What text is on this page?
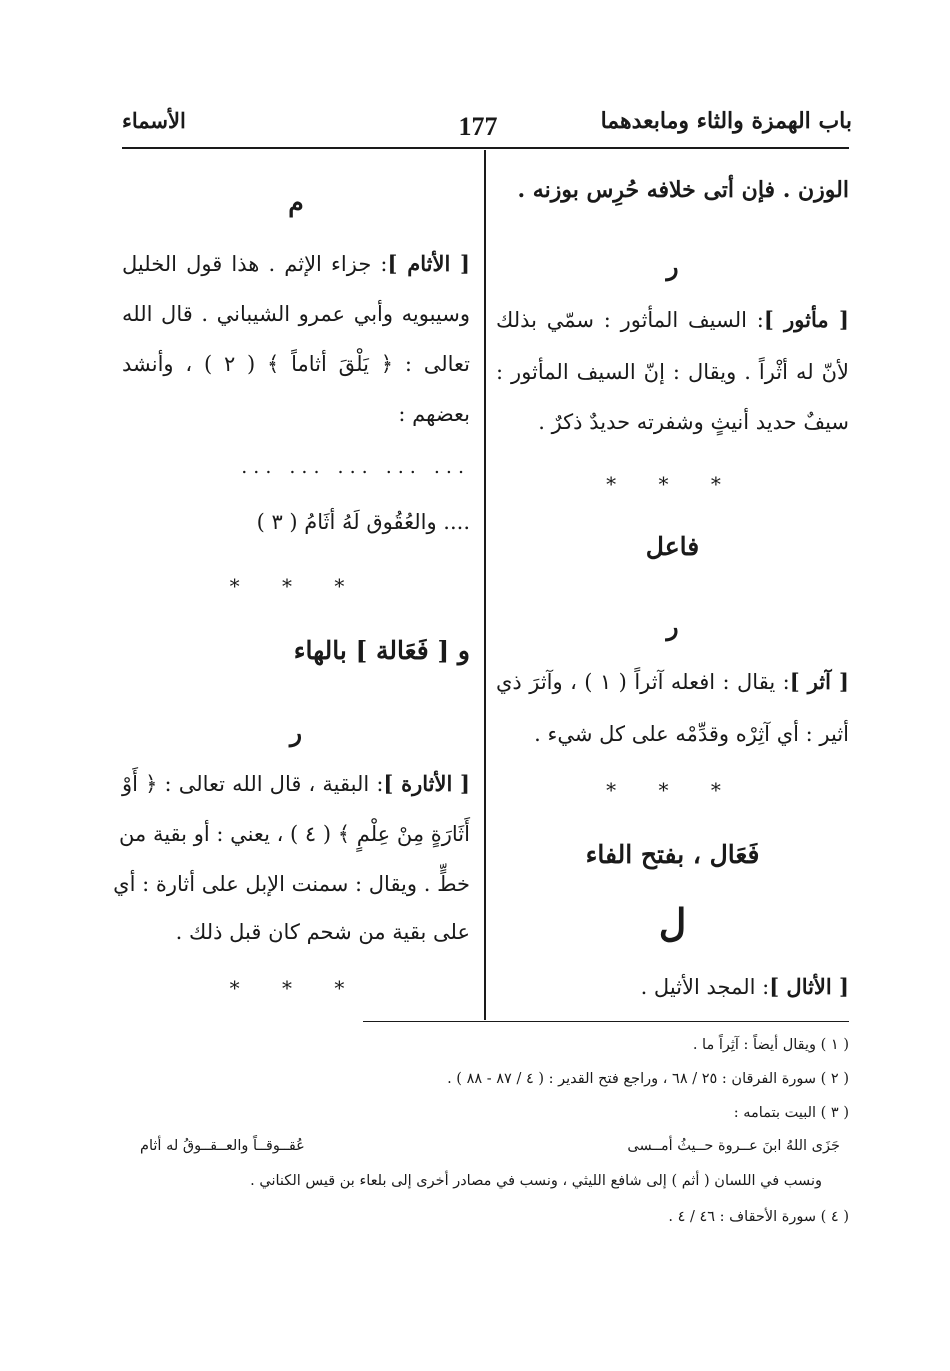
باب الهمزة والثاء ومابعدهما
177
الأسماء
الوزن . فإن أتى خلافه حُرِس بوزنه .
ر
[ مأثور ]: السيف المأثور : سمّي بذلك
لأنّ له أثْراً . ويقال : إنّ السيف المأثور :
سيفٌ حديد أنيثٍ وشفرته حديدٌ ذكرٌ .
* * *
فاعل
ر
[ آثر ]: يقال : افعله آثراً ( ١ ) ، وآثرَ ذي
أثير : أي آثِرْه وقدِّمْه على كل شيء .
* * *
فَعَال ، بفتح الفاء
ل
[ الأثال ]: المجد الأثيل .
م
[ الأثام ]: جزاء الإثم . هذا قول الخليل
وسيبويه وأبي عمرو الشيباني . قال الله
تعالى : ﴿ يَلْقَ أثاماً ﴾ ( ٢ ) ، وأنشد
بعضهم :
... ... ... ... ...
.... والعُقُوق لَهُ أثَامُ ( ٣ )
* * *
و [ فَعَالة ] بالهاء
ر
[ الأثارة ]: البقية ، قال الله تعالى : ﴿ أَوْ
أَثَارَةٍ مِنْ عِلْمٍ ﴾ ( ٤ ) ، يعني : أو بقية من
خطٍّ . ويقال : سمنت الإبل على أثارة : أي
على بقية من شحم كان قبل ذلك .
* * *
( ١ ) ويقال أيضاً : آثِراً ما .
( ٢ ) سورة الفرقان : ٢٥ / ٦٨ ، وراجع فتح القدير : ( ٤ / ٨٧ - ٨٨ ) .
( ٣ ) البيت بتمامه :
جَزَى اللهُ ابنَ عــروة حــيثُ أمــسى
عُقــوقــاً والعــقــوقُ له أثام
ونسب في اللسان ( أثم ) إلى شافع الليثي ، ونسب في مصادر أخرى إلى بلعاء بن قيس الكناني .
( ٤ ) سورة الأحقاف : ٤٦ / ٤ .
